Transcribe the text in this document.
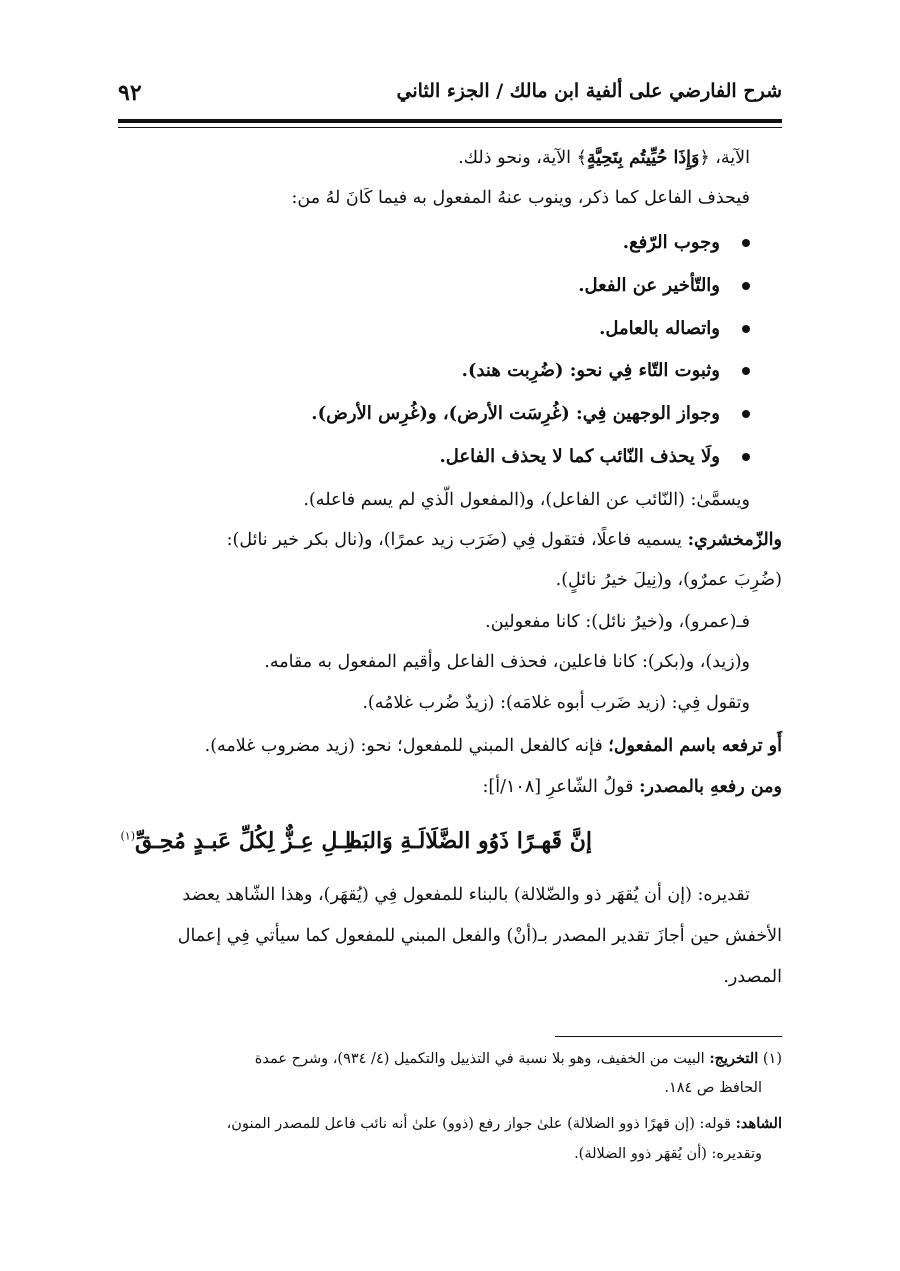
٩٢	شرح الفارضي على ألفية ابن مالك / الجزء الثاني
الآية، ﴿وَإِذَا حُيِّيتُم بِتَحِيَّةٍ﴾ الآية، ونحو ذلك.
فيحذف الفاعل كما ذكر، وينوب عنهُ المفعول به فيما كَانَ لهُ من:
وجوب الرّفع.
والتّأخير عن الفعل.
واتصاله بالعامل.
وثبوت التّاء فِي نحو: (ضُرِبت هند).
وجواز الوجهين فِي: (غُرِسَت الأرض)، و(غُرِس الأرض).
ولَا يحذف النّائب كما لا يحذف الفاعل.
ويسمَّىٰ: (النّائب عن الفاعل)، و(المفعول الّذي لم يسم فاعله).
والزّمخشري: يسميه فاعلًا، فتقول فِي (ضَرَب زيد عمرًا)، و(نال بكر خير نائل):
(ضُرِبَ عمرٌو)، و(نِيلَ خيرُ نائلٍ).
فـ(عمرو)، و(خيرُ نائل): كانا مفعولين.
و(زيد)، و(بكر): كانا فاعلين، فحذف الفاعل وأقيم المفعول به مقامه.
وتقول فِي: (زيد ضَرب أبوه غلامَه): (زيدٌ ضُرب غلامُه).
أَو ترفعه باسم المفعول؛ فإنه كالفعل المبني للمفعول؛ نحو: (زيد مضروب غلامه).
ومن رفعهِ بالمصدر: قولُ الشّاعرِ [١٠٨/أ]:
إنَّ قَهـرًا ذَوُو الضَّلَالَـةِ وَالبَـا
طِـلِ عِـزٌّ لِكُلِّ عَبـدٍ مُحِـقِّ$^{(١)}$
تقديره: (إن أن يُقهَر ذو والضّلالة) بالبناء للمفعول فِي (يُقهَر)، وهذا الشّاهد يعضد
الأخفش حين أجازَ تقدير المصدر بـ(أنْ) والفعل المبني للمفعول كما سيأتي فِي إعمال
المصدر.
(١) التخريج: البيت من الخفيف، وهو بلا نسبة في التذييل والتكميل (٤/ ٩٣٤)، وشرح عمدة
الحافظ ص ١٨٤.
الشاهد: قوله: (إن قهرًا ذوو الضلالة) علىٰ جواز رفع (ذوو) علىٰ أنه نائب فاعل للمصدر المنون،
وتقديره: (أن يُقهَر ذوو الضلالة).
